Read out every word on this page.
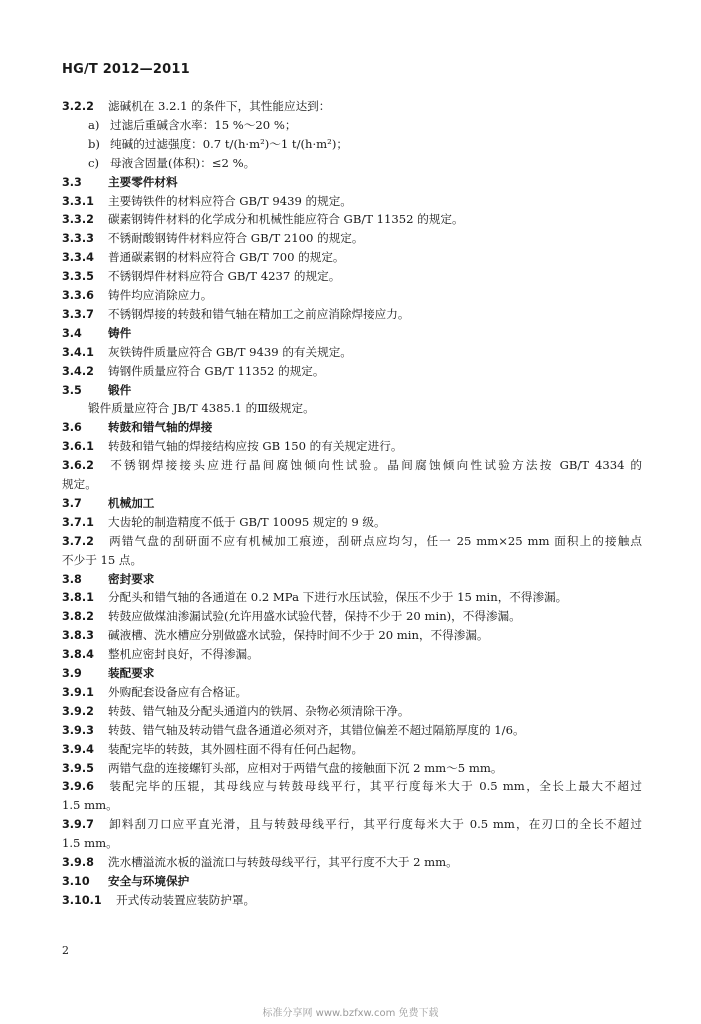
HG/T 2012—2011
3.2.2 滤碱机在 3.2.1 的条件下，其性能应达到：
a) 过滤后重碱含水率：15 %～20 %；
b) 纯碱的过滤强度：0.7 t/(h·m²)～1 t/(h·m²)；
c) 母液含固量(体积)：≤2 %。
3.3 主要零件材料
3.3.1 主要铸铁件的材料应符合 GB/T 9439 的规定。
3.3.2 碳素钢铸件材料的化学成分和机械性能应符合 GB/T 11352 的规定。
3.3.3 不锈耐酸钢铸件材料应符合 GB/T 2100 的规定。
3.3.4 普通碳素钢的材料应符合 GB/T 700 的规定。
3.3.5 不锈钢焊件材料应符合 GB/T 4237 的规定。
3.3.6 铸件均应消除应力。
3.3.7 不锈钢焊接的转鼓和错气轴在精加工之前应消除焊接应力。
3.4 铸件
3.4.1 灰铁铸件质量应符合 GB/T 9439 的有关规定。
3.4.2 铸钢件质量应符合 GB/T 11352 的规定。
3.5 锻件
锻件质量应符合 JB/T 4385.1 的Ⅲ级规定。
3.6 转鼓和错气轴的焊接
3.6.1 转鼓和错气轴的焊接结构应按 GB 150 的有关规定进行。
3.6.2 不锈钢焊接接头应进行晶间腐蚀倾向性试验。晶间腐蚀倾向性试验方法按 GB/T 4334 的
规定。
3.7 机械加工
3.7.1 大齿轮的制造精度不低于 GB/T 10095 规定的 9 级。
3.7.2 两错气盘的刮研面不应有机械加工痕迹，刮研点应均匀，任一 25 mm×25 mm 面积上的接触点
不少于 15 点。
3.8 密封要求
3.8.1 分配头和错气轴的各通道在 0.2 MPa 下进行水压试验，保压不少于 15 min，不得渗漏。
3.8.2 转鼓应做煤油渗漏试验(允许用盛水试验代替，保持不少于 20 min)，不得渗漏。
3.8.3 碱液槽、洗水槽应分别做盛水试验，保持时间不少于 20 min，不得渗漏。
3.8.4 整机应密封良好，不得渗漏。
3.9 装配要求
3.9.1 外购配套设备应有合格证。
3.9.2 转鼓、错气轴及分配头通道内的铁屑、杂物必须清除干净。
3.9.3 转鼓、错气轴及转动错气盘各通道必须对齐，其错位偏差不超过隔筋厚度的 1/6。
3.9.4 装配完毕的转鼓，其外圆柱面不得有任何凸起物。
3.9.5 两错气盘的连接螺钉头部，应相对于两错气盘的接触面下沉 2 mm～5 mm。
3.9.6 装配完毕的压辊，其母线应与转鼓母线平行，其平行度每米大于 0.5 mm，全长上最大不超过
1.5 mm。
3.9.7 卸料刮刀口应平直光滑，且与转鼓母线平行，其平行度每米大于 0.5 mm，在刃口的全长不超过
1.5 mm。
3.9.8 洗水槽溢流水板的溢流口与转鼓母线平行，其平行度不大于 2 mm。
3.10 安全与环境保护
3.10.1 开式传动装置应装防护罩。
2
标准分享网 www.bzfxw.com 免费下载
